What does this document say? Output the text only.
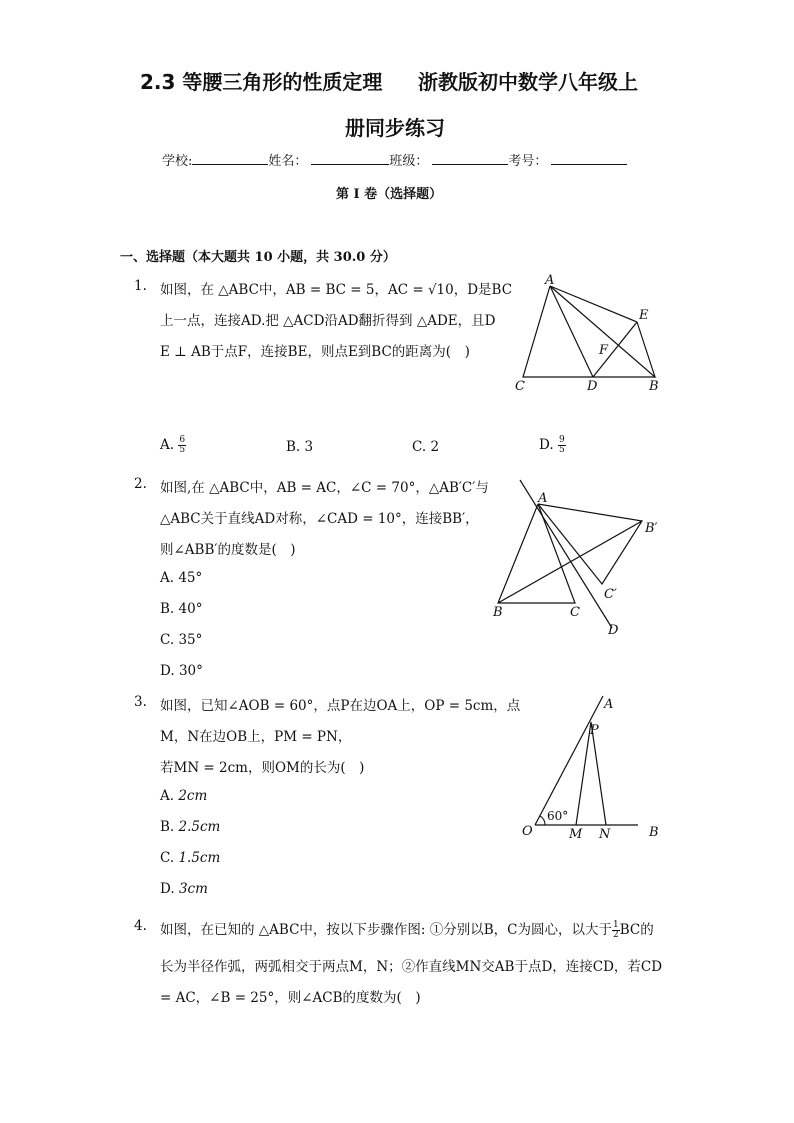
2.3 等腰三角形的性质定理 浙教版初中数学八年级上
册同步练习
学校:	姓名：	班级：	考号：
第 I 卷（选择题）
一、选择题（本大题共 10 小题，共 30.0 分）
1. 如图，在 △ABC中，AB = BC = 5，AC = √10，D是BC
上一点，连接AD.把 △ACD沿AD翻折得到 △ADE，且D
E ⊥ AB于点F，连接BE，则点E到BC的距离为(　)
A. $\frac{6}{5}$	B. 3	C. 2	D. $\frac{9}{5}$
A
E
F
C	D	B
2. 如图,在 △ABC中，AB = AC，∠C = 70°，△AB′C′与
△ABC关于直线AD对称，∠CAD = 10°，连接BB′，
则∠ABB′的度数是(　)
A. 45°
B. 40°
C. 35°
D. 30°
A
B′
C′
B	C
D
3. 如图，已知∠AOB = 60°，点P在边OA上，OP = 5cm，点
M，N在边OB上，PM = PN，
若MN = 2cm，则OM的长为(　)
A. 2cm
B. 2.5cm
C. 1.5cm
D. 3cm
A
P
60°
O	M N	B
4. 如图，在已知的 △ABC中，按以下步骤作图: ①分别以B，C为圆心，以大于 $\frac{1}{2}$ BC的
长为半径作弧，两弧相交于两点M，N；②作直线MN交AB于点D，连接CD，若CD
= AC，∠B = 25°，则∠ACB的度数为(　)
